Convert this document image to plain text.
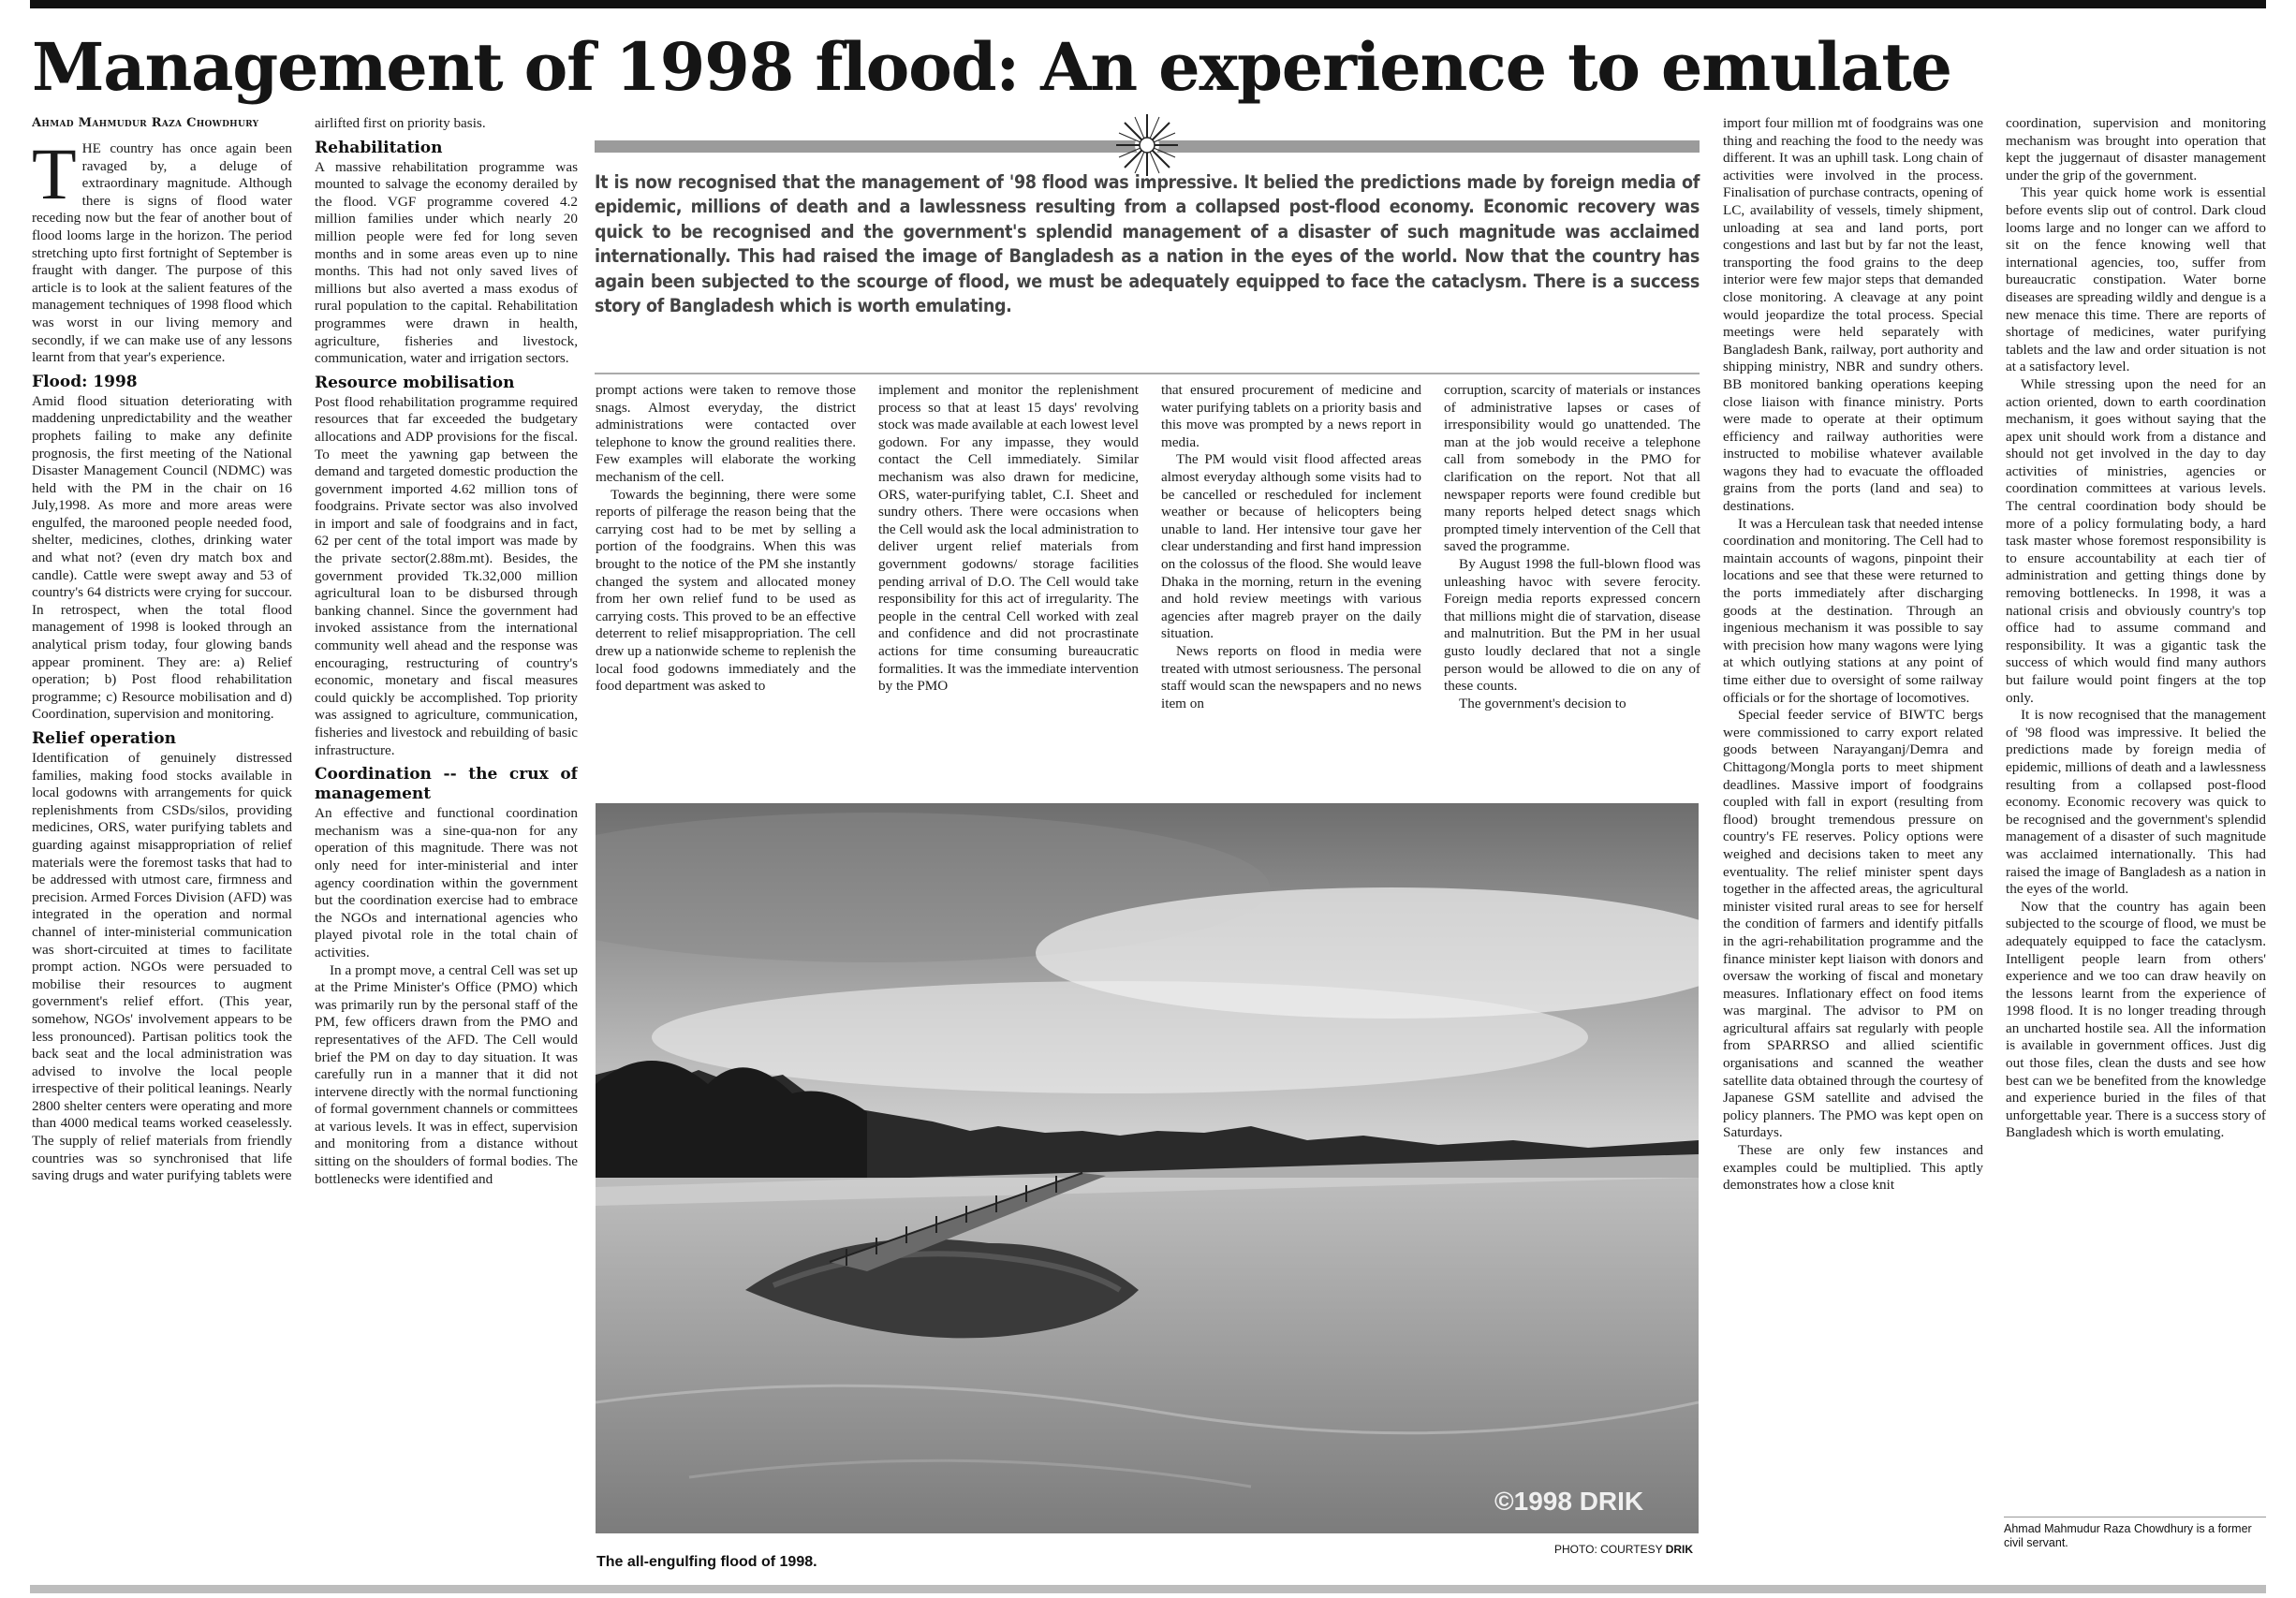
Management of 1998 flood: An experience to emulate
Ahmad Mahmudur Raza Chowdhury

THE country has once again been ravaged by, a deluge of extraordinary magnitude. Although there is signs of flood water receding now but the fear of another bout of flood looms large in the horizon. The period stretching upto first fortnight of September is fraught with danger. The purpose of this article is to look at the salient features of the management techniques of 1998 flood which was worst in our living memory and secondly, if we can make use of any lessons learnt from that year's experience.

Flood: 1998

Amid flood situation deteriorating with maddening unpredictability and the weather prophets failing to make any definite prognosis, the first meeting of the National Disaster Management Council (NDMC) was held with the PM in the chair on 16 July,1998. As more and more areas were engulfed, the marooned people needed food, shelter, medicines, clothes, drinking water and what not? (even dry match box and candle). Cattle were swept away and 53 of country's 64 districts were crying for succour. In retrospect, when the total flood management of 1998 is looked through an analytical prism today, four glowing bands appear prominent. They are: a) Relief operation; b) Post flood rehabilitation programme; c) Resource mobilisation and d) Coordination, supervision and monitoring.

Relief operation

Identification of genuinely distressed families, making food stocks available in local godowns with arrangements for quick replenishments from CSDs/silos, providing medicines, ORS, water purifying tablets and guarding against misappropriation of relief materials were the foremost tasks that had to be addressed with utmost care, firmness and precision. Armed Forces Division (AFD) was integrated in the operation and normal channel of inter-ministerial communication was short-circuited at times to facilitate prompt action. NGOs were persuaded to mobilise their resources to augment government's relief effort. (This year, somehow, NGOs' involvement appears to be less pronounced). Partisan politics took the back seat and the local administration was advised to involve the local people irrespective of their political leanings. Nearly 2800 shelter centers were operating and more than 4000 medical teams worked ceaselessly. The supply of relief materials from friendly countries was so synchronised that life saving drugs and water purifying tablets were

airlifted first on priority basis.

Rehabilitation

A massive rehabilitation programme was mounted to salvage the economy derailed by the flood. VGF programme covered 4.2 million families under which nearly 20 million people were fed for long seven months and in some areas even up to nine months. This had not only saved lives of millions but also averted a mass exodus of rural population to the capital. Rehabilitation programmes were drawn in health, agriculture, fisheries and livestock, communication, water and irrigation sectors.

Resource mobilisation

Post flood rehabilitation programme required resources that far exceeded the budgetary allocations and ADP provisions for the fiscal. To meet the yawning gap between the demand and targeted domestic production the government imported 4.62 million tons of foodgrains. Private sector was also involved in import and sale of foodgrains and in fact, 62 per cent of the total import was made by the private sector(2.88m.mt). Besides, the government provided Tk.32,000 million agricultural loan to be disbursed through banking channel. Since the government had invoked assistance from the international community well ahead and the response was encouraging, restructuring of country's economic, monetary and fiscal measures could quickly be accomplished. Top priority was assigned to agriculture, communication, fisheries and livestock and rebuilding of basic infrastructure.

Coordination -- the crux of management

An effective and functional coordination mechanism was a sine-qua-non for any operation of this magnitude. There was not only need for inter-ministerial and inter agency coordination within the government but the coordination exercise had to embrace the NGOs and international agencies who played pivotal role in the total chain of activities.

In a prompt move, a central Cell was set up at the Prime Minister's Office (PMO) which was primarily run by the personal staff of the PM, few officers drawn from the PMO and representatives of the AFD. The Cell would brief the PM on day to day situation. It was carefully run in a manner that it did not intervene directly with the normal functioning of formal government channels or committees at various levels. It was in effect, supervision and monitoring from a distance without sitting on the shoulders of formal bodies. The bottlenecks were identified and

It is now recognised that the management of '98 flood was impressive. It belied the predictions made by foreign media of epidemic, millions of death and a lawlessness resulting from a collapsed post-flood economy. Economic recovery was quick to be recognised and the government's splendid management of a disaster of such magnitude was acclaimed internationally. This had raised the image of Bangladesh as a nation in the eyes of the world. Now that the country has again been subjected to the scourge of flood, we must be adequately equipped to face the cataclysm. There is a success story of Bangladesh which is worth emulating.

prompt actions were taken to remove those snags. Almost everyday, the district administrations were contacted over telephone to know the ground realities there. Few examples will elaborate the working mechanism of the cell.

Towards the beginning, there were some reports of pilferage the reason being that the carrying cost had to be met by selling a portion of the foodgrains. When this was brought to the notice of the PM she instantly changed the system and allocated money from her own relief fund to be used as carrying costs. This proved to be an effective deterrent to relief misappropriation. The cell drew up a nationwide scheme to replenish the local food godowns immediately and the food department was asked to

implement and monitor the replenishment process so that at least 15 days' revolving stock was made available at each lowest level godown. For any impasse, they would contact the Cell immediately. Similar mechanism was also drawn for medicine, ORS, water-purifying tablet, C.I. Sheet and sundry others. There were occasions when the Cell would ask the local administration to deliver urgent relief materials from government godowns/ storage facilities pending arrival of D.O. The Cell would take responsibility for this act of irregularity. The people in the central Cell worked with zeal and confidence and did not procrastinate actions for time consuming bureaucratic formalities. It was the immediate intervention by the PMO

that ensured procurement of medicine and water purifying tablets on a priority basis and this move was prompted by a news report in media.

The PM would visit flood affected areas almost everyday although some visits had to be cancelled or rescheduled for inclement weather or because of helicopters being unable to land. Her intensive tour gave her clear understanding and first hand impression on the colossus of the flood. She would leave Dhaka in the morning, return in the evening and hold review meetings with various agencies after magreb prayer on the daily situation.

News reports on flood in media were treated with utmost seriousness. The personal staff would scan the newspapers and no news item on

corruption, scarcity of materials or instances of administrative lapses or cases of irresponsibility would go unattended. The man at the job would receive a telephone call from somebody in the PMO for clarification on the report. Not that all newspaper reports were found credible but many reports helped detect snags which prompted timely intervention of the Cell that saved the programme.

By August 1998 the full-blown flood was unleashing havoc with severe ferocity. Foreign media reports expressed concern that millions might die of starvation, disease and malnutrition. But the PM in her usual gusto loudly declared that not a single person would be allowed to die on any of these counts.

The government's decision to

©1998 DRIK
PHOTO: COURTESY DRIK
The all-engulfing flood of 1998.

import four million mt of foodgrains was one thing and reaching the food to the needy was different. It was an uphill task. Long chain of activities were involved in the process. Finalisation of purchase contracts, opening of LC, availability of vessels, timely shipment, unloading at sea and land ports, port congestions and last but by far not the least, transporting the food grains to the deep interior were few major steps that demanded close monitoring. A cleavage at any point would jeopardize the total process. Special meetings were held separately with Bangladesh Bank, railway, port authority and shipping ministry, NBR and sundry others. BB monitored banking operations keeping close liaison with finance ministry. Ports were made to operate at their optimum efficiency and railway authorities were instructed to mobilise whatever available wagons they had to evacuate the offloaded grains from the ports (land and sea) to destinations.

It was a Herculean task that needed intense coordination and monitoring. The Cell had to maintain accounts of wagons, pinpoint their locations and see that these were returned to the ports immediately after discharging goods at the destination. Through an ingenious mechanism it was possible to say with precision how many wagons were lying at which outlying stations at any point of time either due to oversight of some railway officials or for the shortage of locomotives.

Special feeder service of BIWTC bergs were commissioned to carry export related goods between Narayanganj/Demra and Chittagong/Mongla ports to meet shipment deadlines. Massive import of foodgrains coupled with fall in export (resulting from flood) brought tremendous pressure on country's FE reserves. Policy options were weighed and decisions taken to meet any eventuality. The relief minister spent days together in the affected areas, the agricultural minister visited rural areas to see for herself the condition of farmers and identify pitfalls in the agri-rehabilitation programme and the finance minister kept liaison with donors and oversaw the working of fiscal and monetary measures. Inflationary effect on food items was marginal. The advisor to PM on agricultural affairs sat regularly with people from SPARRSO and allied scientific organisations and scanned the weather satellite data obtained through the courtesy of Japanese GSM satellite and advised the policy planners. The PMO was kept open on Saturdays.

These are only few instances and examples could be multiplied. This aptly demonstrates how a close knit

coordination, supervision and monitoring mechanism was brought into operation that kept the juggernaut of disaster management under the grip of the government.

This year quick home work is essential before events slip out of control. Dark cloud looms large and no longer can we afford to sit on the fence knowing well that international agencies, too, suffer from bureaucratic constipation. Water borne diseases are spreading wildly and dengue is a new menace this time. There are reports of shortage of medicines, water purifying tablets and the law and order situation is not at a satisfactory level.

While stressing upon the need for an action oriented, down to earth coordination mechanism, it goes without saying that the apex unit should work from a distance and should not get involved in the day to day activities of ministries, agencies or coordination committees at various levels. The central coordination body should be more of a policy formulating body, a hard task master whose foremost responsibility is to ensure accountability at each tier of administration and getting things done by removing bottlenecks. In 1998, it was a national crisis and obviously country's top office had to assume command and responsibility. It was a gigantic task the success of which would find many authors but failure would point fingers at the top only.

It is now recognised that the management of '98 flood was impressive. It belied the predictions made by foreign media of epidemic, millions of death and a lawlessness resulting from a collapsed post-flood economy. Economic recovery was quick to be recognised and the government's splendid management of a disaster of such magnitude was acclaimed internationally. This had raised the image of Bangladesh as a nation in the eyes of the world.

Now that the country has again been subjected to the scourge of flood, we must be adequately equipped to face the cataclysm. Intelligent people learn from others' experience and we too can draw heavily on the lessons learnt from the experience of 1998 flood. It is no longer treading through an uncharted hostile sea. All the information is available in government offices. Just dig out those files, clean the dusts and see how best can we be benefited from the knowledge and experience buried in the files of that unforgettable year. There is a success story of Bangladesh which is worth emulating.

Ahmad Mahmudur Raza Chowdhury is a former civil servant.
